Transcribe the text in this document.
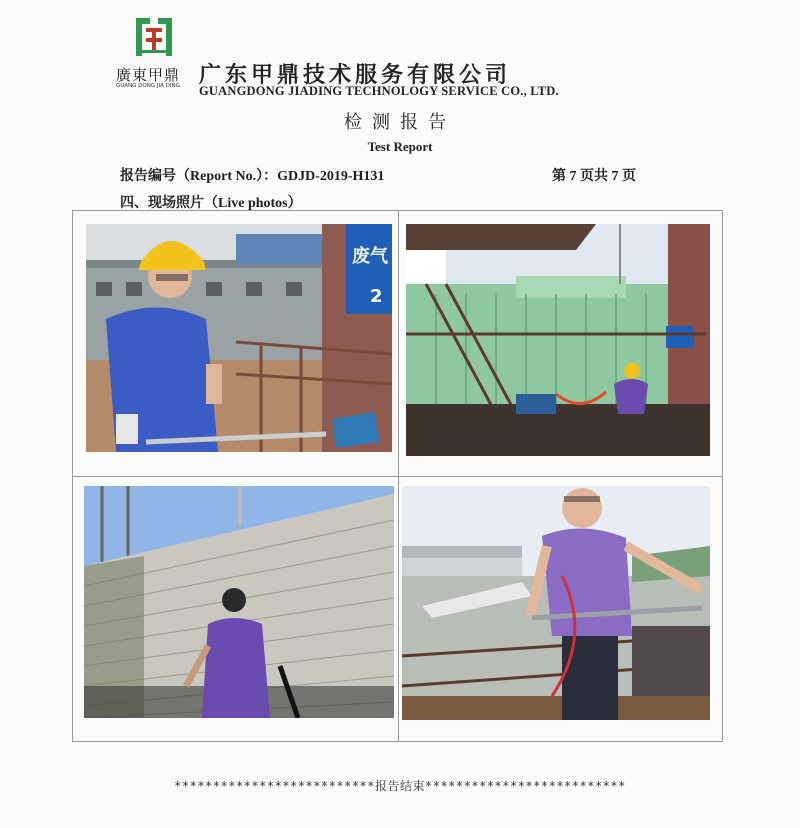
廣東甲鼎
GUANG DONG JIA DING 广东甲鼎技术服务有限公司
GUANGDONG JIADING TECHNOLOGY SERVICE CO., LTD.
检测报告
Test Report
报告编号（Report No.）：GDJD-2019-H131	第 7 页共 7 页
四、现场照片（Live photos）
废气
2
**************************报告结束**************************
